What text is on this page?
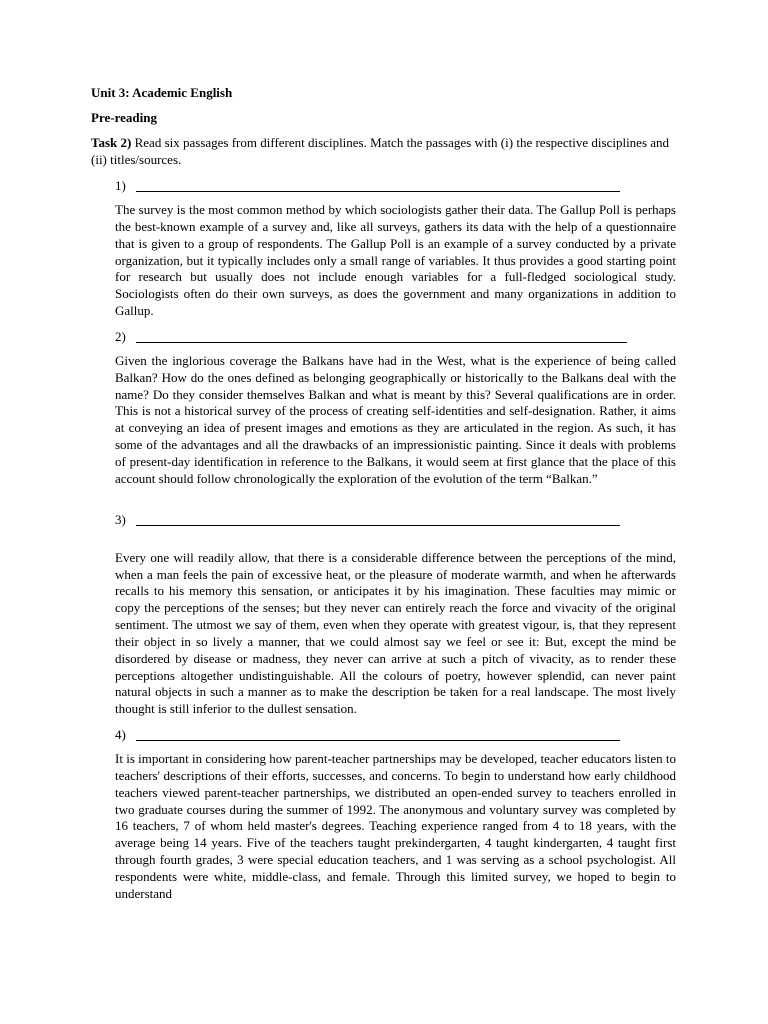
Unit 3: Academic English

Pre-reading

Task 2) Read six passages from different disciplines. Match the passages with (i) the respective disciplines and (ii) titles/sources.

1)

The survey is the most common method by which sociologists gather their data. The Gallup Poll is perhaps the best-known example of a survey and, like all surveys, gathers its data with the help of a questionnaire that is given to a group of respondents. The Gallup Poll is an example of a survey conducted by a private organization, but it typically includes only a small range of variables. It thus provides a good starting point for research but usually does not include enough variables for a full-fledged sociological study. Sociologists often do their own surveys, as does the government and many organizations in addition to Gallup.

2)

Given the inglorious coverage the Balkans have had in the West, what is the experience of being called Balkan? How do the ones defined as belonging geographically or historically to the Balkans deal with the name? Do they consider themselves Balkan and what is meant by this? Several qualifications are in order. This is not a historical survey of the process of creating self-identities and self-designation. Rather, it aims at conveying an idea of present images and emotions as they are articulated in the region. As such, it has some of the advantages and all the drawbacks of an impressionistic painting. Since it deals with problems of present-day identification in reference to the Balkans, it would seem at first glance that the place of this account should follow chronologically the exploration of the evolution of the term “Balkan.”

3)

Every one will readily allow, that there is a considerable difference between the perceptions of the mind, when a man feels the pain of excessive heat, or the pleasure of moderate warmth, and when he afterwards recalls to his memory this sensation, or anticipates it by his imagination. These faculties may mimic or copy the perceptions of the senses; but they never can entirely reach the force and vivacity of the original sentiment. The utmost we say of them, even when they operate with greatest vigour, is, that they represent their object in so lively a manner, that we could almost say we feel or see it: But, except the mind be disordered by disease or madness, they never can arrive at such a pitch of vivacity, as to render these perceptions altogether undistinguishable. All the colours of poetry, however splendid, can never paint natural objects in such a manner as to make the description be taken for a real landscape. The most lively thought is still inferior to the dullest sensation.

4)

It is important in considering how parent-teacher partnerships may be developed, teacher educators listen to teachers' descriptions of their efforts, successes, and concerns. To begin to understand how early childhood teachers viewed parent-teacher partnerships, we distributed an open-ended survey to teachers enrolled in two graduate courses during the summer of 1992. The anonymous and voluntary survey was completed by 16 teachers, 7 of whom held master's degrees. Teaching experience ranged from 4 to 18 years, with the average being 14 years. Five of the teachers taught prekindergarten, 4 taught kindergarten, 4 taught first through fourth grades, 3 were special education teachers, and 1 was serving as a school psychologist. All respondents were white, middle-class, and female. Through this limited survey, we hoped to begin to understand
